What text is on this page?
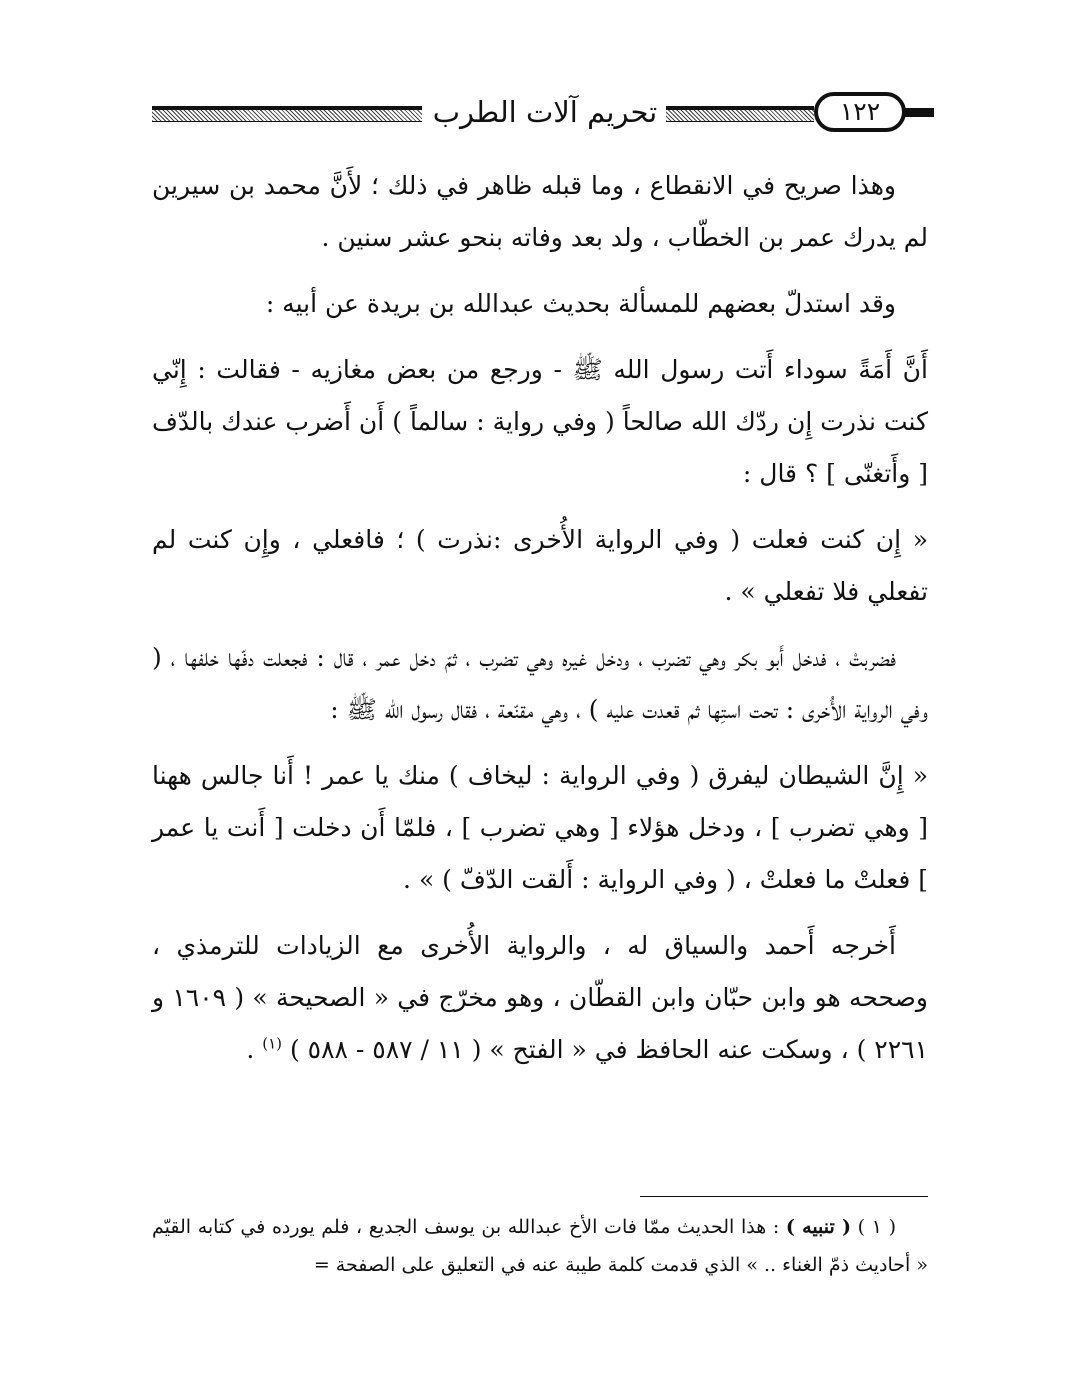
تحريم آلات الطرب	١٢٢

وهذا صريح في الانقطاع ، وما قبله ظاهر في ذلك ؛ لأَنَّ محمد بن سيرين لم يدرك عمر بن الخطّاب ، ولد بعد وفاته بنحو عشر سنين .

وقد استدلّ بعضهم للمسألة بحديث عبدالله بن بريدة عن أبيه :

أَنَّ أَمَةً سوداء أَتت رسول الله ﷺ - ورجع من بعض مغازيه - فقالت : إِنّي كنت نذرت إِن ردّك الله صالحاً ( وفي رواية : سالماً ) أَن أَضرب عندك بالدّف [ وأَتغنّى ] ؟ قال :

« إِن كنت فعلت ( وفي الرواية الأُخرى :نذرت ) ؛ فافعلي ، وإِن كنت لم تفعلي فلا تفعلي » .

فضربتْ ، فدخل أَبو بكر وهي تضرب ، ودخل غيره وهي تضرب ، ثمّ دخل عمر ، قال : فجعلت دفّها خلفها ، ( وفي الرواية الأُخرى : تحت استِها ثم قعدت عليه ) ، وهي مقنّعة ، فقال رسول الله ﷺ :

« إِنَّ الشيطان ليفرق ( وفي الرواية : ليخاف ) منك يا عمر ! أَنا جالس ههنا [ وهي تضرب ] ، ودخل هؤلاء [ وهي تضرب ] ، فلمّا أَن دخلت [ أَنت يا عمر ] فعلتْ ما فعلتْ ، ( وفي الرواية : أَلقت الدّفّ ) » .

أَخرجه أَحمد والسياق له ، والرواية الأُخرى مع الزيادات للترمذي ، وصححه هو وابن حبّان وابن القطّان ، وهو مخرّج في « الصحيحة » ( ١٦٠٩ و ٢٢٦١ ) ، وسكت عنه الحافظ في « الفتح » ( ١١ / ٥٨٧ - ٥٨٨ ) $^{(١)}$ .

( ١ ) ( تنبيه ) : هذا الحديث ممّا فات الأخ عبدالله بن يوسف الجديع ، فلم يورده في كتابه القيّم « أحاديث ذمّ الغناء .. » الذي قدمت كلمة طيبة عنه في التعليق على الصفحة =
